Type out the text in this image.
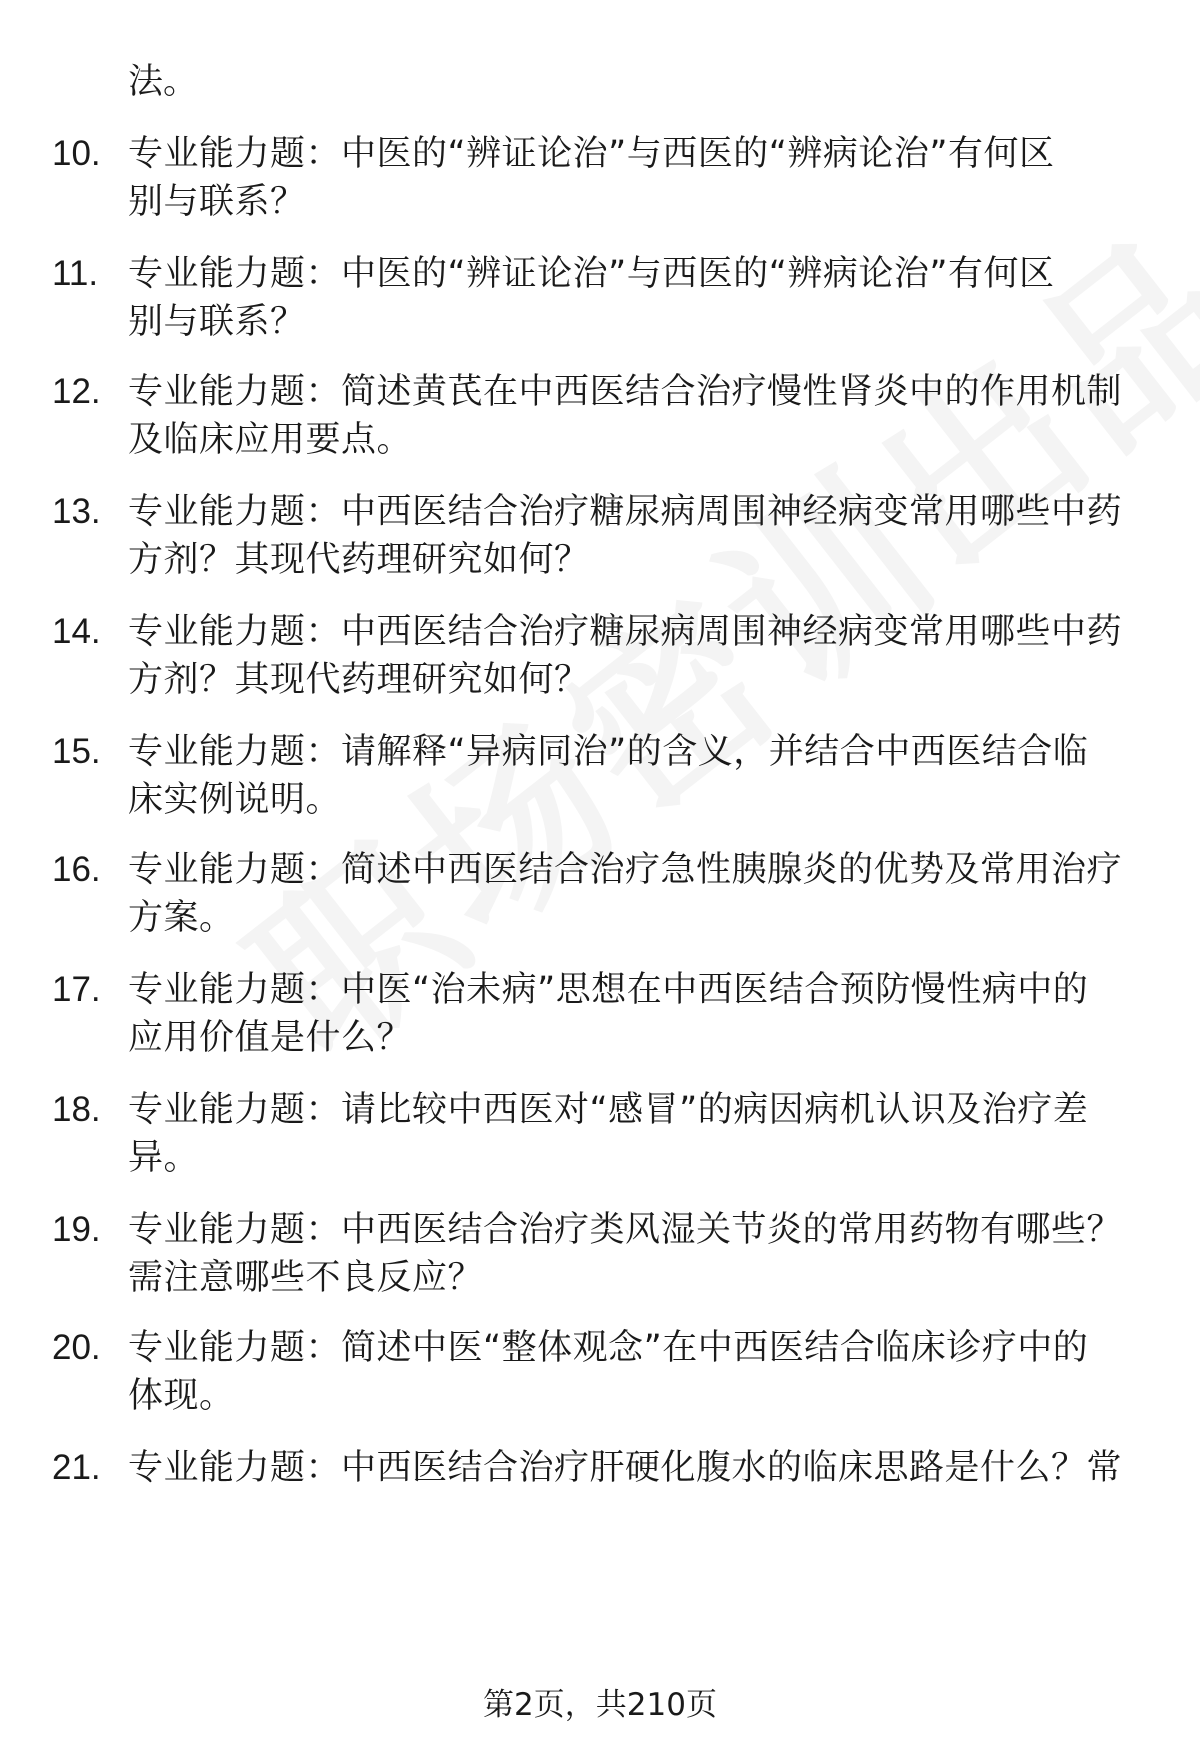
法。
10. 专业能力题：中医的“辨证论治”与西医的“辨病论治”有何区
别与联系？
11. 专业能力题：中医的“辨证论治”与西医的“辨病论治”有何区
别与联系？
12. 专业能力题：简述黄芪在中西医结合治疗慢性肾炎中的作用机制
及临床应用要点。
13. 专业能力题：中西医结合治疗糖尿病周围神经病变常用哪些中药
方剂？其现代药理研究如何？
14. 专业能力题：中西医结合治疗糖尿病周围神经病变常用哪些中药
方剂？其现代药理研究如何？
15. 专业能力题：请解释“异病同治”的含义，并结合中西医结合临
床实例说明。
16. 专业能力题：简述中西医结合治疗急性胰腺炎的优势及常用治疗
方案。
17. 专业能力题：中医“治未病”思想在中西医结合预防慢性病中的
应用价值是什么？
18. 专业能力题：请比较中西医对“感冒”的病因病机认识及治疗差
异。
19. 专业能力题：中西医结合治疗类风湿关节炎的常用药物有哪些？
需注意哪些不良反应？
20. 专业能力题：简述中医“整体观念”在中西医结合临床诊疗中的
体现。
21. 专业能力题：中西医结合治疗肝硬化腹水的临床思路是什么？常
第2页，共210页
